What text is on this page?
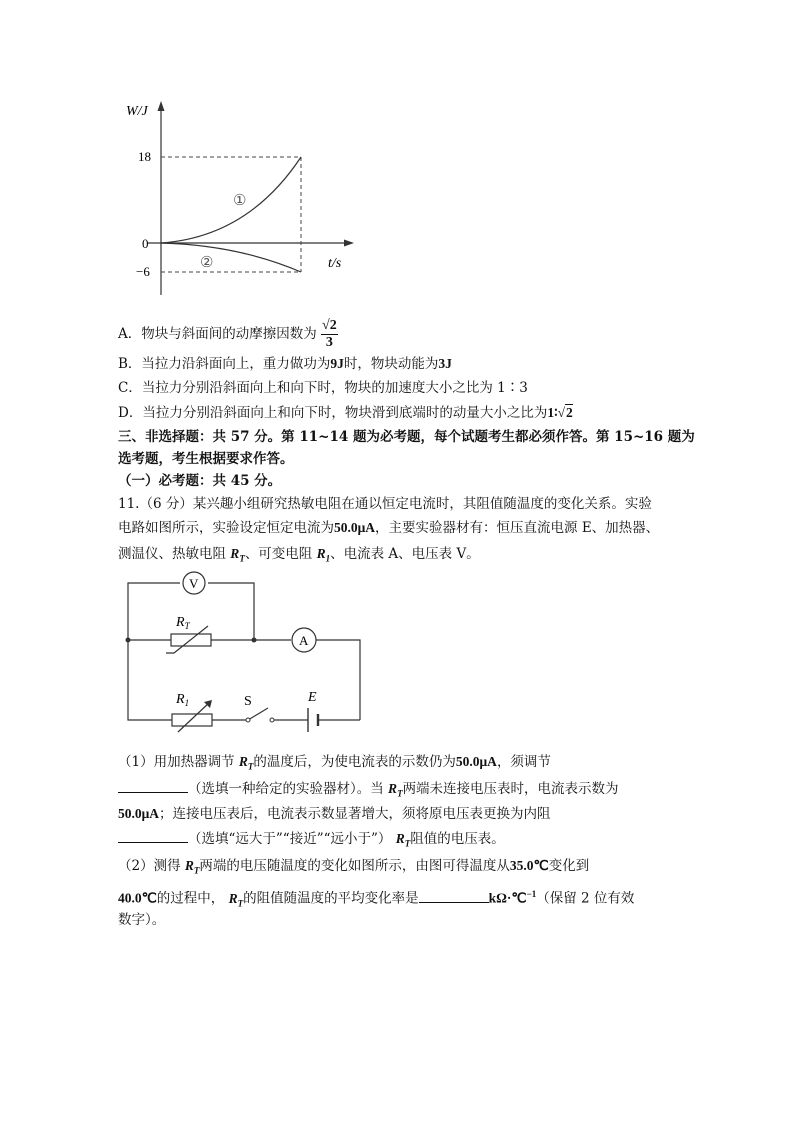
W/J
t/s
18
0
−6
①
②
A．物块与斜面间的动摩擦因数为 $\frac{√2}{3}$
B．当拉力沿斜面向上，重力做功为9J时，物块动能为3J
C．当拉力分别沿斜面向上和向下时，物块的加速度大小之比为 1∶3
D．当拉力分别沿斜面向上和向下时，物块滑到底端时的动量大小之比为1∶√2
三、非选择题：共 57 分。第 11~14 题为必考题，每个试题考生都必须作答。第 15~16 题为
选考题，考生根据要求作答。
（一）必考题：共 45 分。
11.（6 分）某兴趣小组研究热敏电阻在通以恒定电流时，其阻值随温度的变化关系。实验
电路如图所示，实验设定恒定电流为50.0μA，主要实验器材有：恒压直流电源 E、加热器、
测温仪、热敏电阻 $R_T$、可变电阻 $R_1$、电流表 A、电压表 V。
V
A
$R_T$
$R_1$	S	E
（1）用加热器调节 $R_T$的温度后，为使电流表的示数仍为50.0μA，须调节
（选填一种给定的实验器材）。当 $R_T$两端未连接电压表时，电流表示数为
50.0μA；连接电压表后，电流表示数显著增大，须将原电压表更换为内阻
（选填“远大于”“接近”“远小于”） $R_T$阻值的电压表。
（2）测得 $R_T$两端的电压随温度的变化如图所示，由图可得温度从35.0℃变化到
40.0℃的过程中， $R_T$的阻值随温度的平均变化率是	kΩ·℃$^{-1}$（保留 2 位有效
数字）。
